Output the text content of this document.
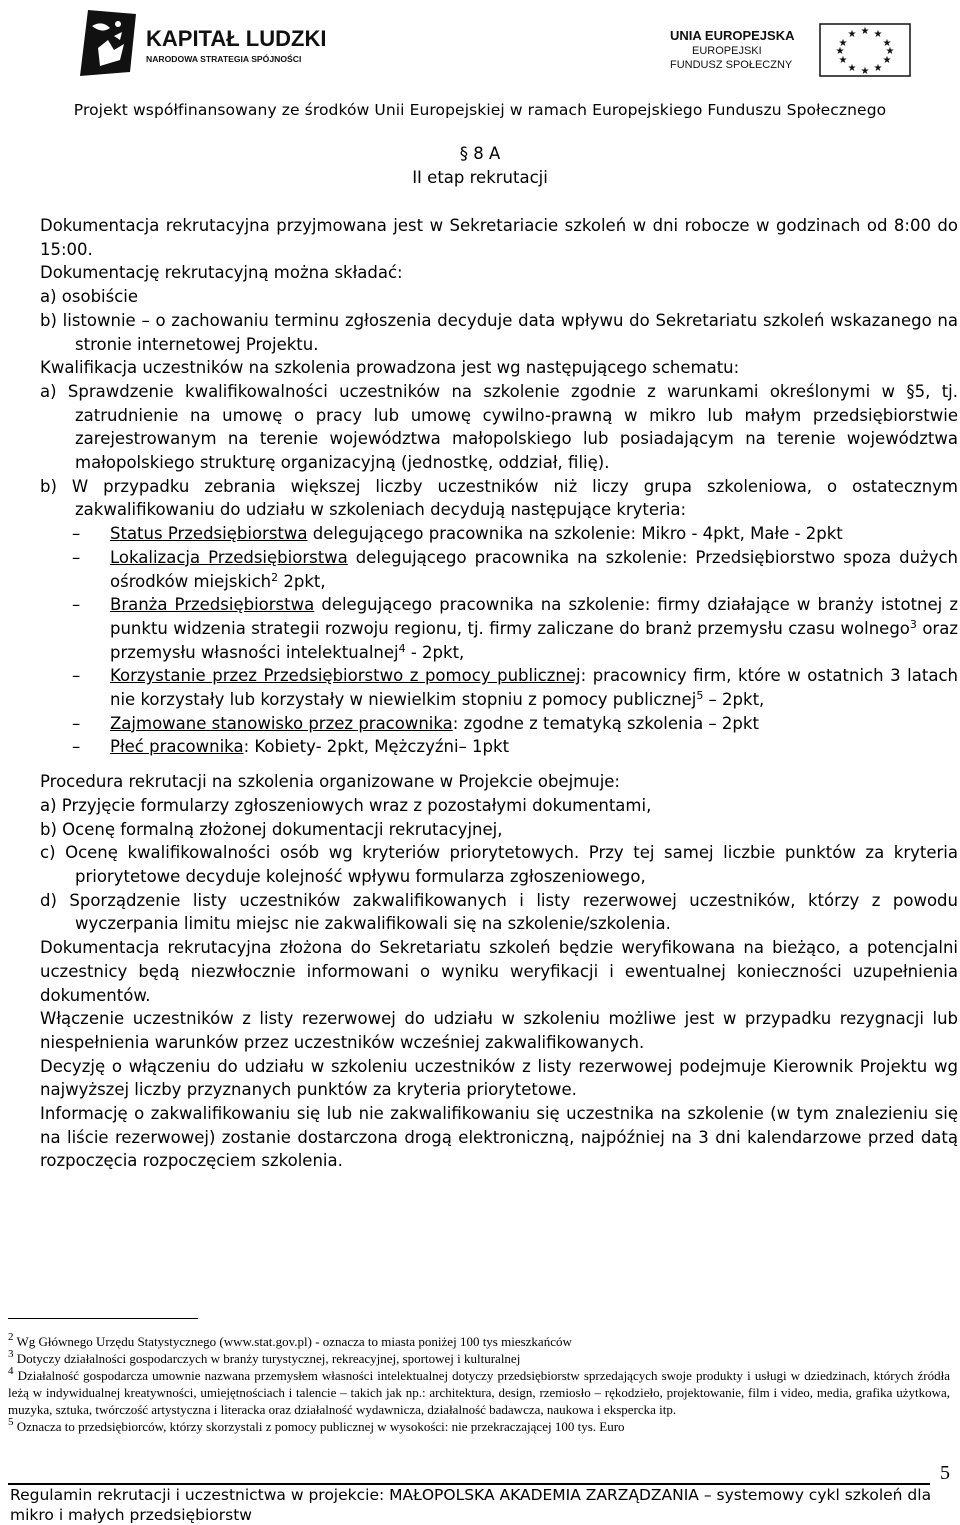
KAPITAŁ LUDZKI
NARODOWA STRATEGIA SPÓJNOŚCI
UNIA EUROPEJSKA
EUROPEJSKI
FUNDUSZ SPOŁECZNY
★ ★
★
★
★
★
★
★
★
★
★
★
Projekt współfinansowany ze środków Unii Europejskiej w ramach Europejskiego Funduszu Społecznego
§ 8 A
II etap rekrutacji

Dokumentacja rekrutacyjna przyjmowana jest w Sekretariacie szkoleń w dni robocze w godzinach od 8:00 do 15:00.

Dokumentację rekrutacyjną można składać:

a) osobiście

b) listownie – o zachowaniu terminu zgłoszenia decyduje data wpływu do Sekretariatu szkoleń wskazanego na stronie internetowej Projektu.

Kwalifikacja uczestników na szkolenia prowadzona jest wg następującego schematu:

a) Sprawdzenie kwalifikowalności uczestników na szkolenie zgodnie z warunkami określonymi w §5, tj. zatrudnienie na umowę o pracy lub umowę cywilno-prawną w mikro lub małym przedsiębiorstwie zarejestrowanym na terenie województwa małopolskiego lub posiadającym na terenie województwa małopolskiego strukturę organizacyjną (jednostkę, oddział, filię).

b) W przypadku zebrania większej liczby uczestników niż liczy grupa szkoleniowa, o ostatecznym zakwalifikowaniu do udziału w szkoleniach decydują następujące kryteria:

– Status Przedsiębiorstwa delegującego pracownika na szkolenie: Mikro - 4pkt, Małe - 2pkt

– Lokalizacja Przedsiębiorstwa delegującego pracownika na szkolenie: Przedsiębiorstwo spoza dużych ośrodków miejskich$^2$ 2pkt,

– Branża Przedsiębiorstwa delegującego pracownika na szkolenie: firmy działające w branży istotnej z punktu widzenia strategii rozwoju regionu, tj. firmy zaliczane do branż przemysłu czasu wolnego$^3$ oraz przemysłu własności intelektualnej$^4$ - 2pkt,

– Korzystanie przez Przedsiębiorstwo z pomocy publicznej: pracownicy firm, które w ostatnich 3 latach nie korzystały lub korzystały w niewielkim stopniu z pomocy publicznej$^5$ – 2pkt,

– Zajmowane stanowisko przez pracownika: zgodne z tematyką szkolenia – 2pkt

– Płeć pracownika: Kobiety- 2pkt, Mężczyźni– 1pkt

Procedura rekrutacji na szkolenia organizowane w Projekcie obejmuje:

a) Przyjęcie formularzy zgłoszeniowych wraz z pozostałymi dokumentami,

b) Ocenę formalną złożonej dokumentacji rekrutacyjnej,

c) Ocenę kwalifikowalności osób wg kryteriów priorytetowych. Przy tej samej liczbie punktów za kryteria priorytetowe decyduje kolejność wpływu formularza zgłoszeniowego,

d) Sporządzenie listy uczestników zakwalifikowanych i listy rezerwowej uczestników, którzy z powodu wyczerpania limitu miejsc nie zakwalifikowali się na szkolenie/szkolenia.

Dokumentacja rekrutacyjna złożona do Sekretariatu szkoleń będzie weryfikowana na bieżąco, a potencjalni uczestnicy będą niezwłocznie informowani o wyniku weryfikacji i ewentualnej konieczności uzupełnienia dokumentów.

Włączenie uczestników z listy rezerwowej do udziału w szkoleniu możliwe jest w przypadku rezygnacji lub niespełnienia warunków przez uczestników wcześniej zakwalifikowanych.

Decyzję o włączeniu do udziału w szkoleniu uczestników z listy rezerwowej podejmuje Kierownik Projektu wg najwyższej liczby przyznanych punktów za kryteria priorytetowe.

Informację o zakwalifikowaniu się lub nie zakwalifikowaniu się uczestnika na szkolenie (w tym znalezieniu się na liście rezerwowej) zostanie dostarczona drogą elektroniczną, najpóźniej na 3 dni kalendarzowe przed datą rozpoczęcia rozpoczęciem szkolenia.

$^2$ Wg Głównego Urzędu Statystycznego (www.stat.gov.pl) - oznacza to miasta poniżej 100 tys mieszkańców

$^3$ Dotyczy działalności gospodarczych w branży turystycznej, rekreacyjnej, sportowej i kulturalnej

$^4$ Działalność gospodarcza umownie nazwana przemysłem własności intelektualnej dotyczy przedsiębiorstw sprzedających swoje produkty i usługi w dziedzinach, których źródła leżą w indywidualnej kreatywności, umiejętnościach i talencie – takich jak np.: architektura, design, rzemiosło – rękodzieło, projektowanie, film i video, media, grafika użytkowa, muzyka, sztuka, twórczość artystyczna i literacka oraz działalność wydawnicza, działalność badawcza, naukowa i ekspercka itp.

$^5$ Oznacza to przedsiębiorców, którzy skorzystali z pomocy publicznej w wysokości: nie przekraczającej 100 tys. Euro

5
Regulamin rekrutacji i uczestnictwa w projekcie: MAŁOPOLSKA AKADEMIA ZARZĄDZANIA – systemowy cykl szkoleń dla mikro i małych przedsiębiorstw
